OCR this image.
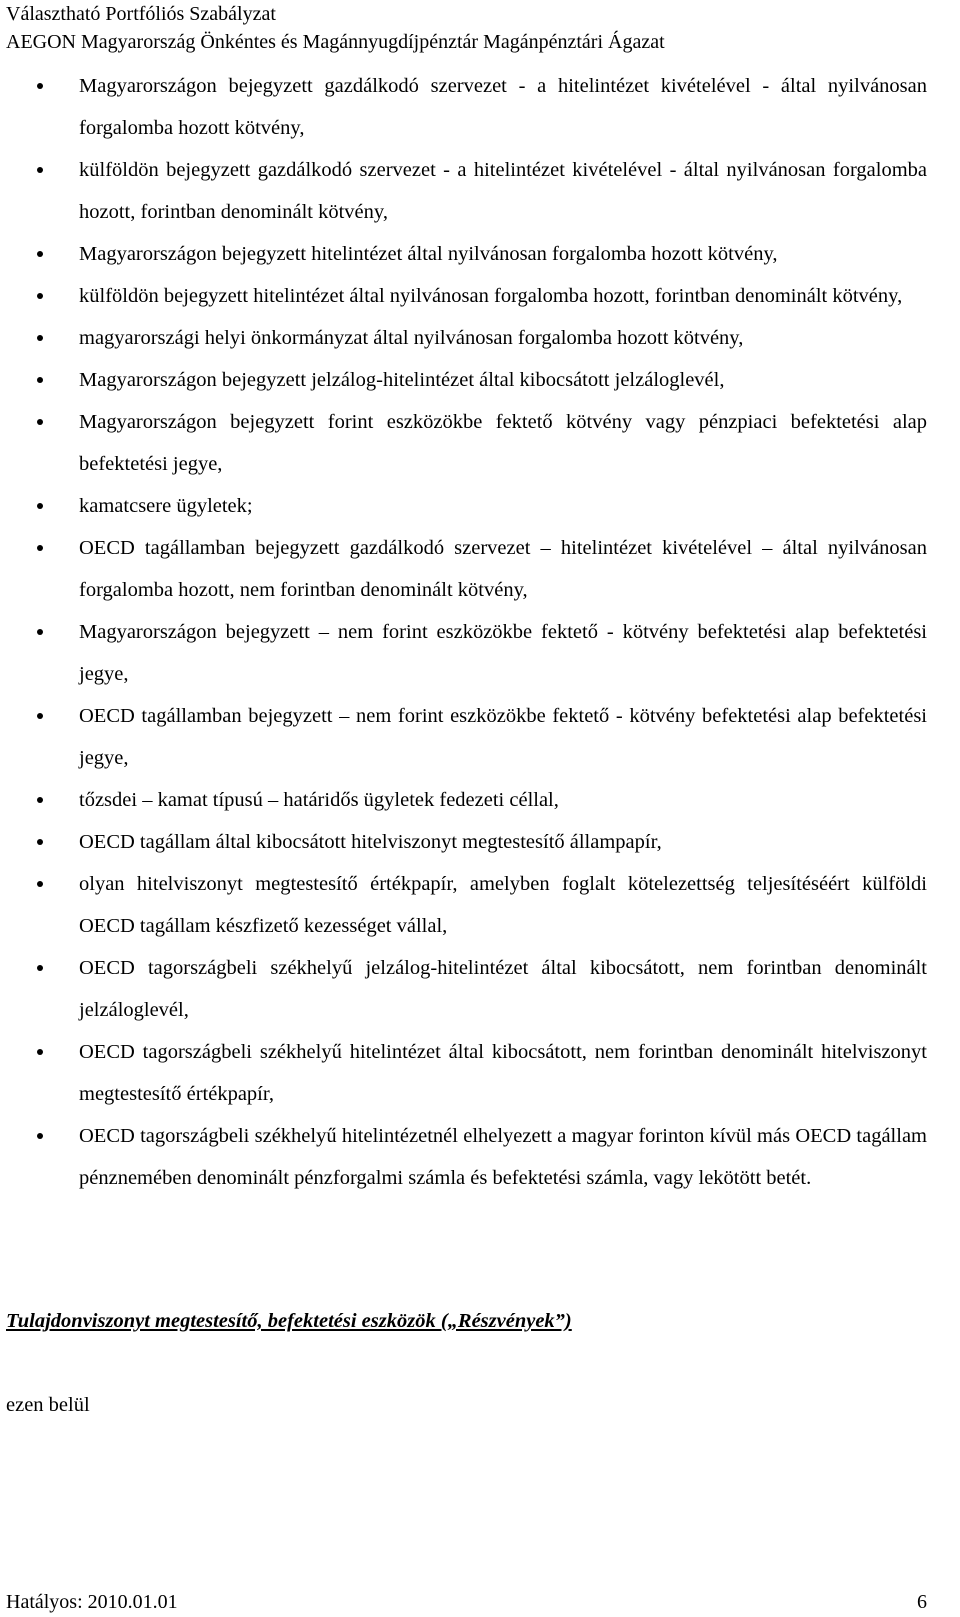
Választható Portfóliós Szabályzat
AEGON Magyarország Önkéntes és Magánnyugdíjpénztár Magánpénztári Ágazat
Magyarországon bejegyzett gazdálkodó szervezet - a hitelintézet kivételével - által nyilvánosan forgalomba hozott kötvény,
külföldön bejegyzett gazdálkodó szervezet - a hitelintézet kivételével - által nyilvánosan forgalomba hozott, forintban denominált kötvény,
Magyarországon bejegyzett hitelintézet által nyilvánosan forgalomba hozott kötvény,
külföldön bejegyzett hitelintézet által nyilvánosan forgalomba hozott, forintban denominált kötvény,
magyarországi helyi önkormányzat által nyilvánosan forgalomba hozott kötvény,
Magyarországon bejegyzett jelzálog-hitelintézet által kibocsátott jelzáloglevél,
Magyarországon bejegyzett forint eszközökbe fektető kötvény vagy pénzpiaci befektetési alap befektetési jegye,
kamatcsere ügyletek;
OECD tagállamban bejegyzett gazdálkodó szervezet – hitelintézet kivételével – által nyilvánosan forgalomba hozott, nem forintban denominált kötvény,
Magyarországon bejegyzett – nem forint eszközökbe fektető - kötvény befektetési alap befektetési jegye,
OECD tagállamban bejegyzett – nem forint eszközökbe fektető - kötvény befektetési alap befektetési jegye,
tőzsdei – kamat típusú – határidős ügyletek fedezeti céllal,
OECD tagállam által kibocsátott hitelviszonyt megtestesítő állampapír,
olyan hitelviszonyt megtestesítő értékpapír, amelyben foglalt kötelezettség teljesítéséért külföldi OECD tagállam készfizető kezességet vállal,
OECD tagországbeli székhelyű jelzálog-hitelintézet által kibocsátott, nem forintban denominált jelzáloglevél,
OECD tagországbeli székhelyű hitelintézet által kibocsátott, nem forintban denominált hitelviszonyt megtestesítő értékpapír,
OECD tagországbeli székhelyű hitelintézetnél elhelyezett a magyar forinton kívül más OECD tagállam pénznemében denominált pénzforgalmi számla és befektetési számla, vagy lekötött betét.
Tulajdonviszonyt megtestesítő, befektetési eszközök („Részvények”)
ezen belül
Hatályos: 2010.01.01	6
